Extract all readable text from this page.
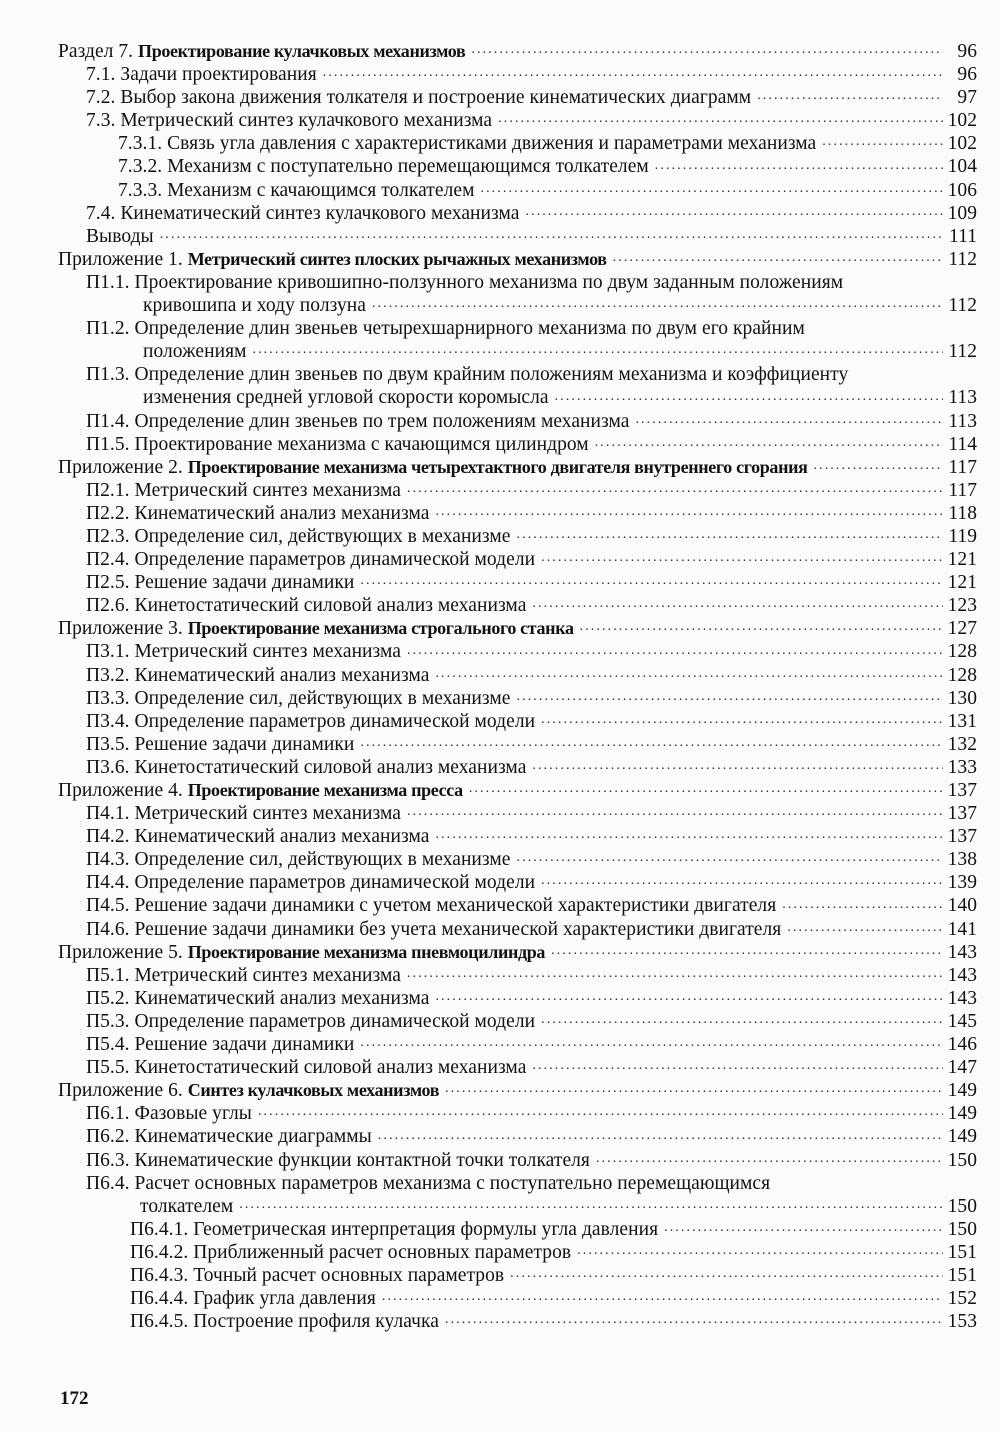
Раздел 7. Проектирование кулачковых механизмов .....	96
7.1. Задачи проектирования .....	96
7.2. Выбор закона движения толкателя и построение кинематических диаграмм .....	97
7.3. Метрический синтез кулачкового механизма .....	102
7.3.1. Связь угла давления с характеристиками движения и параметрами механизма .....	102
7.3.2. Механизм с поступательно перемещающимся толкателем .....	104
7.3.3. Механизм с качающимся толкателем .....	106
7.4. Кинематический синтез кулачкового механизма .....	109
Выводы .....	111
Приложение 1. Метрический синтез плоских рычажных механизмов .....	112
П1.1. Проектирование кривошипно-ползунного механизма по двум заданным положениям
кривошипа и ходу ползуна .....	112
П1.2. Определение длин звеньев четырехшарнирного механизма по двум его крайним
положениям .....	112
П1.3. Определение длин звеньев по двум крайним положениям механизма и коэффициенту
изменения средней угловой скорости коромысла .....	113
П1.4. Определение длин звеньев по трем положениям механизма .....	113
П1.5. Проектирование механизма с качающимся цилиндром .....	114
Приложение 2. Проектирование механизма четырехтактного двигателя внутреннего сгорания .....	117
П2.1. Метрический синтез механизма .....	117
П2.2. Кинематический анализ механизма .....	118
П2.3. Определение сил, действующих в механизме .....	119
П2.4. Определение параметров динамической модели .....	121
П2.5. Решение задачи динамики .....	121
П2.6. Кинетостатический силовой анализ механизма .....	123
Приложение 3. Проектирование механизма строгального станка .....	127
П3.1. Метрический синтез механизма .....	128
П3.2. Кинематический анализ механизма .....	128
П3.3. Определение сил, действующих в механизме .....	130
П3.4. Определение параметров динамической модели .....	131
П3.5. Решение задачи динамики .....	132
П3.6. Кинетостатический силовой анализ механизма .....	133
Приложение 4. Проектирование механизма пресса .....	137
П4.1. Метрический синтез механизма .....	137
П4.2. Кинематический анализ механизма .....	137
П4.3. Определение сил, действующих в механизме .....	138
П4.4. Определение параметров динамической модели .....	139
П4.5. Решение задачи динамики с учетом механической характеристики двигателя .....	140
П4.6. Решение задачи динамики без учета механической характеристики двигателя .....	141
Приложение 5. Проектирование механизма пневмоцилиндра .....	143
П5.1. Метрический синтез механизма .....	143
П5.2. Кинематический анализ механизма .....	143
П5.3. Определение параметров динамической модели .....	145
П5.4. Решение задачи динамики .....	146
П5.5. Кинетостатический силовой анализ механизма .....	147
Приложение 6. Синтез кулачковых механизмов .....	149
П6.1. Фазовые углы .....	149
П6.2. Кинематические диаграммы .....	149
П6.3. Кинематические функции контактной точки толкателя .....	150
П6.4. Расчет основных параметров механизма с поступательно перемещающимся
толкателем .....	150
П6.4.1. Геометрическая интерпретация формулы угла давления .....	150
П6.4.2. Приближенный расчет основных параметров .....	151
П6.4.3. Точный расчет основных параметров .....	151
П6.4.4. График угла давления .....	152
П6.4.5. Построение профиля кулачка .....	153
172
